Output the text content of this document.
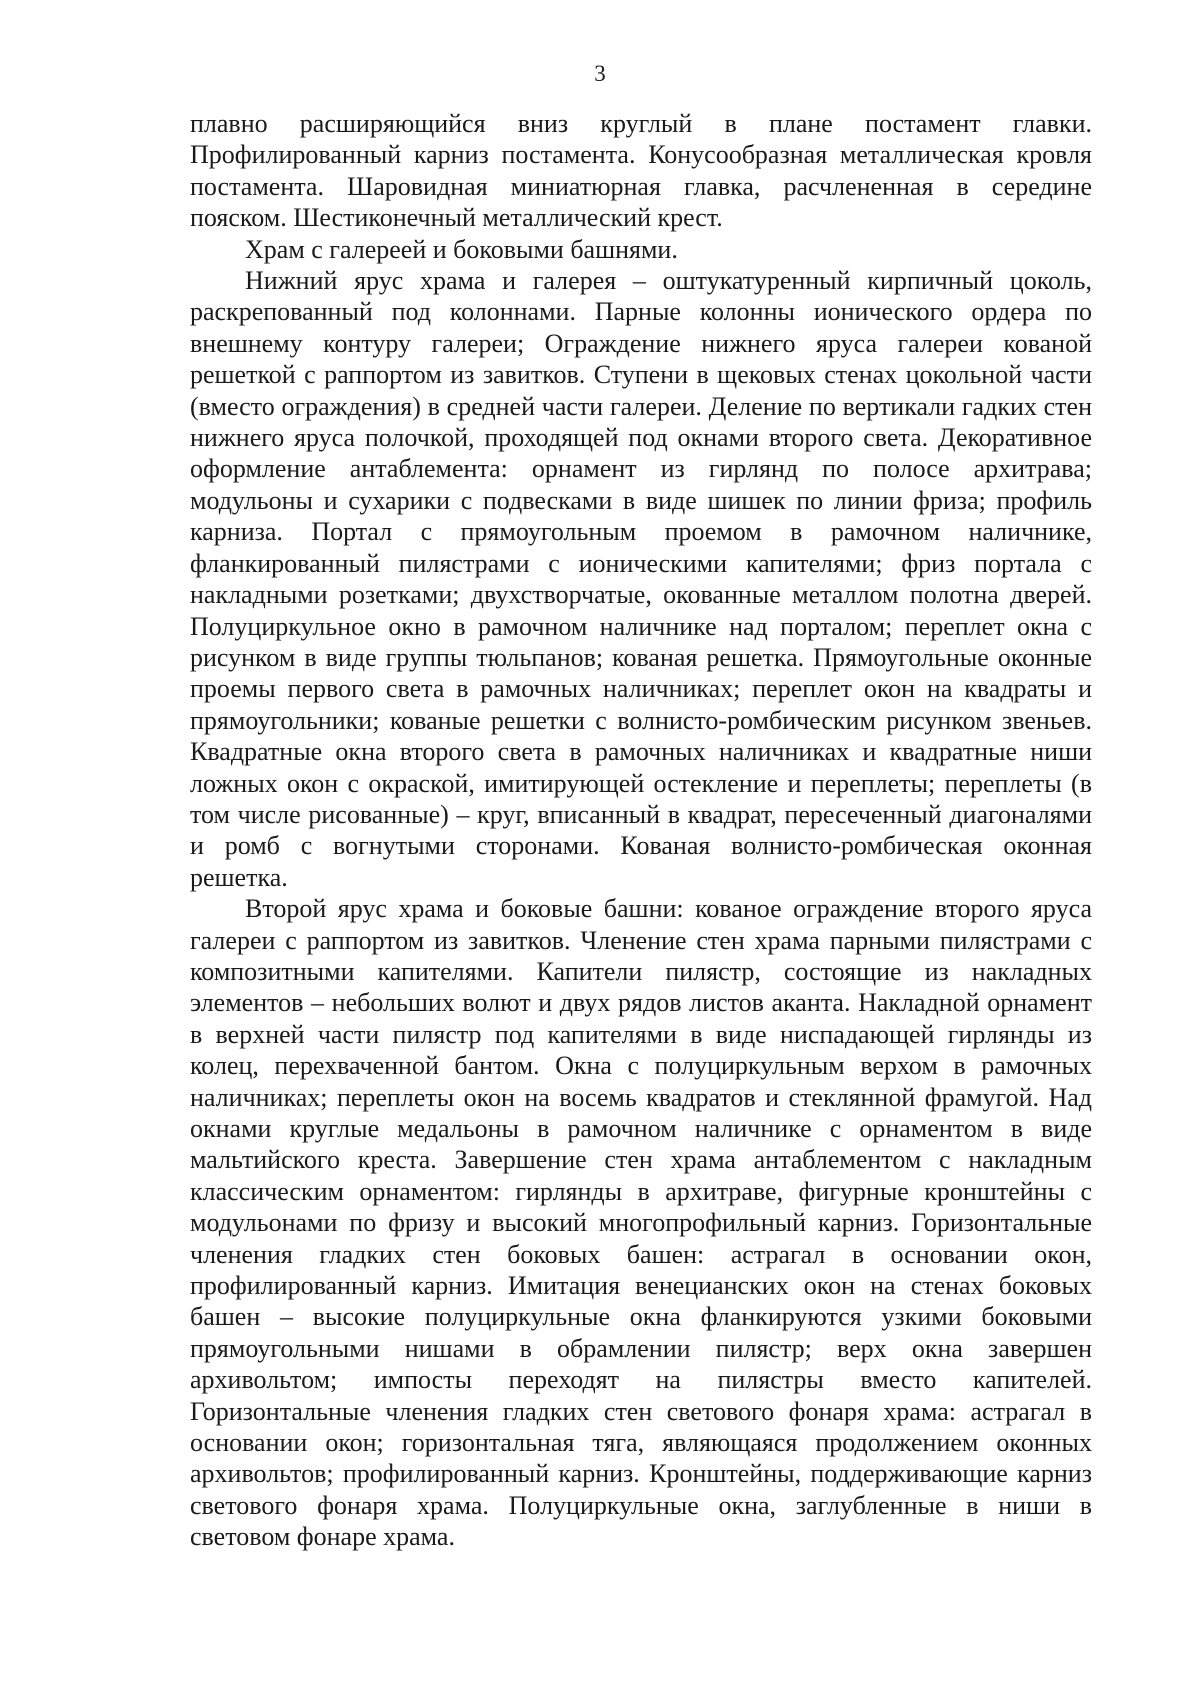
3

плавно расширяющийся вниз круглый в плане постамент главки. Профилированный карниз постамента. Конусообразная металлическая кровля постамента. Шаровидная миниатюрная главка, расчлененная в середине пояском. Шестиконечный металлический крест.

Храм с галереей и боковыми башнями.

Нижний ярус храма и галерея – оштукатуренный кирпичный цоколь, раскрепованный под колоннами. Парные колонны ионического ордера по внешнему контуру галереи; Ограждение нижнего яруса галереи кованой решеткой с раппортом из завитков. Ступени в щековых стенах цокольной части (вместо ограждения) в средней части галереи. Деление по вертикали гадких стен нижнего яруса полочкой, проходящей под окнами второго света. Декоративное оформление антаблемента: орнамент из гирлянд по полосе архитрава; модульоны и сухарики с подвесками в виде шишек по линии фриза; профиль карниза. Портал с прямоугольным проемом в рамочном наличнике, фланкированный пилястрами с ионическими капителями; фриз портала с накладными розетками; двухстворчатые, окованные металлом полотна дверей. Полуциркульное окно в рамочном наличнике над порталом; переплет окна с рисунком в виде группы тюльпанов; кованая решетка. Прямоугольные оконные проемы первого света в рамочных наличниках; переплет окон на квадраты и прямоугольники; кованые решетки с волнисто-ромбическим рисунком звеньев. Квадратные окна второго света в рамочных наличниках и квадратные ниши ложных окон с окраской, имитирующей остекление и переплеты; переплеты (в том числе рисованные) – круг, вписанный в квадрат, пересеченный диагоналями и ромб с вогнутыми сторонами. Кованая волнисто-ромбическая оконная решетка.

Второй ярус храма и боковые башни: кованое ограждение второго яруса галереи с раппортом из завитков. Членение стен храма парными пилястрами с композитными капителями. Капители пилястр, состоящие из накладных элементов – небольших волют и двух рядов листов аканта. Накладной орнамент в верхней части пилястр под капителями в виде ниспадающей гирлянды из колец, перехваченной бантом. Окна с полуциркульным верхом в рамочных наличниках; переплеты окон на восемь квадратов и стеклянной фрамугой. Над окнами круглые медальоны в рамочном наличнике с орнаментом в виде мальтийского креста. Завершение стен храма антаблементом с накладным классическим орнаментом: гирлянды в архитраве, фигурные кронштейны с модульонами по фризу и высокий многопрофильный карниз. Горизонтальные членения гладких стен боковых башен: астрагал в основании окон, профилированный карниз. Имитация венецианских окон на стенах боковых башен – высокие полуциркульные окна фланкируются узкими боковыми прямоугольными нишами в обрамлении пилястр; верх окна завершен архивольтом; импосты переходят на пилястры вместо капителей. Горизонтальные членения гладких стен светового фонаря храма: астрагал в основании окон; горизонтальная тяга, являющаяся продолжением оконных архивольтов; профилированный карниз. Кронштейны, поддерживающие карниз светового фонаря храма. Полуциркульные окна, заглубленные в ниши в световом фонаре храма.
